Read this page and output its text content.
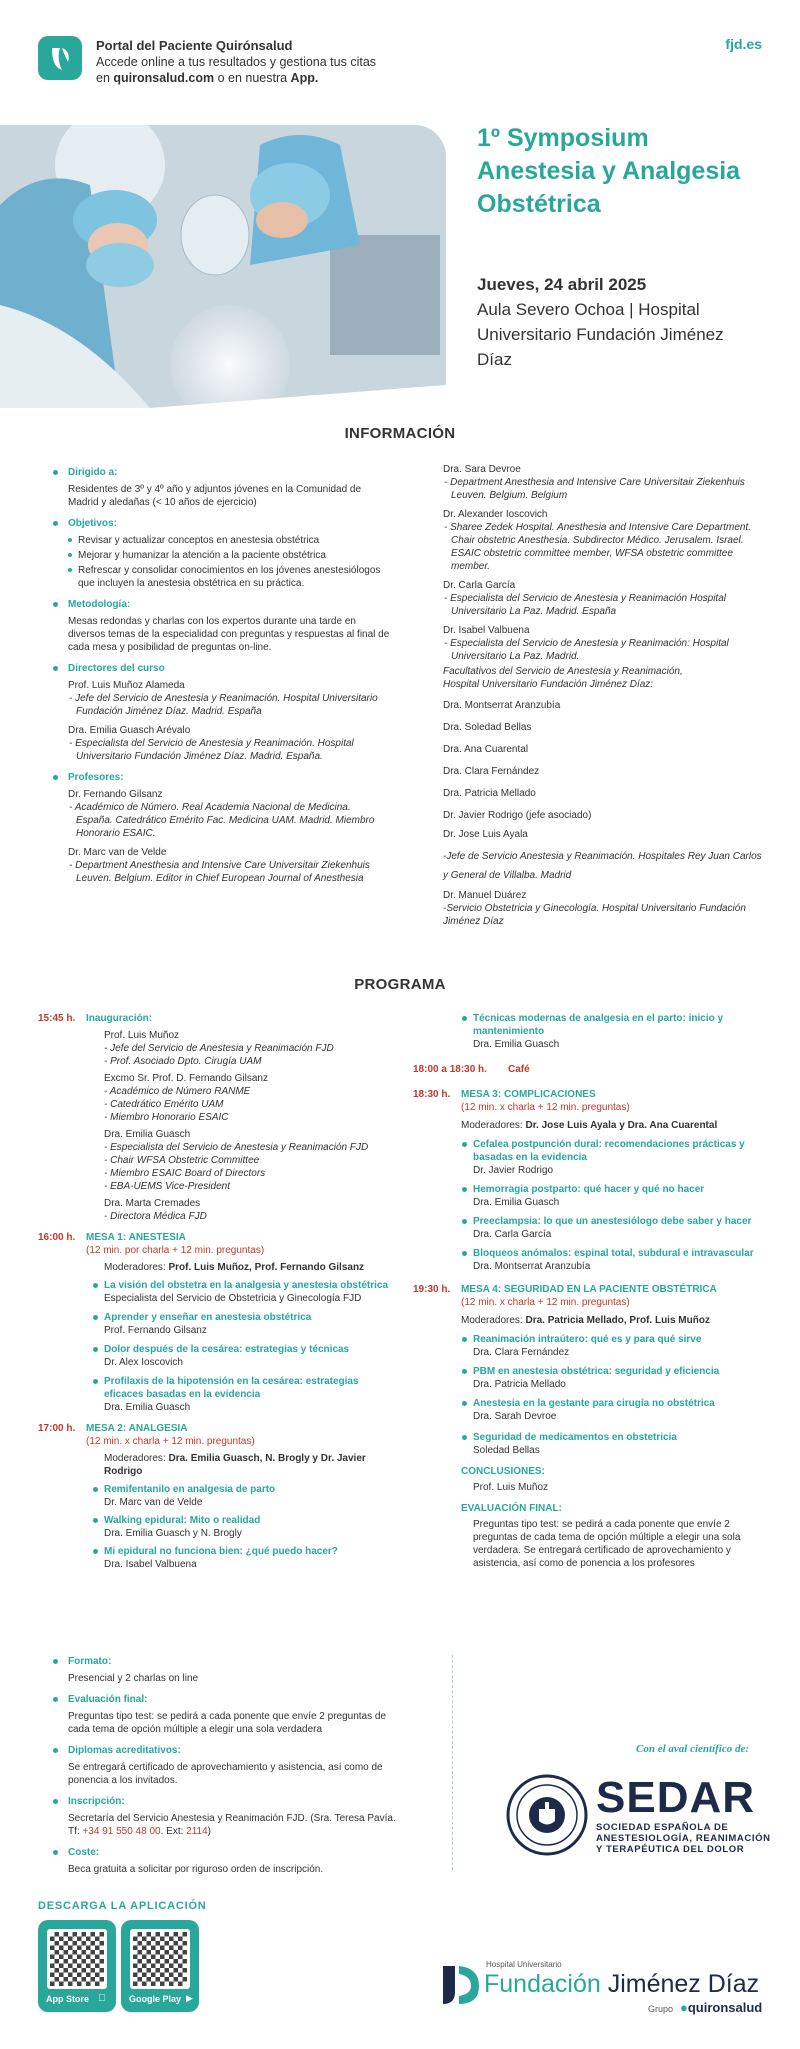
Portal del Paciente Quirónsalud
Accede online a tus resultados y gestiona tus citas
en quironsalud.com o en nuestra App.
fjd.es
1º Symposium
Anestesia y Analgesia
Obstétrica
Jueves, 24 abril 2025
Aula Severo Ochoa | Hospital
Universitario Fundación Jiménez
Díaz
INFORMACIÓN
Dirigido a:

Residentes de 3º y 4º año y adjuntos jóvenes en la Comunidad de Madrid y aledañas (< 10 años de ejercicio)

Objetivos:
Revisar y actualizar conceptos en anestesia obstétrica
Mejorar y humanizar la atención a la paciente obstétrica
Refrescar y consolidar conocimientos en los jóvenes anestesiólogos que incluyen la anestesia obstétrica en su práctica.
Metodología:

Mesas redondas y charlas con los expertos durante una tarde en diversos temas de la especialidad con preguntas y respuestas al final de cada mesa y posibilidad de preguntas on-line.

Directores del curso
Prof. Luis Muñoz Alameda
- Jefe del Servicio de Anestesia y Reanimación. Hospital Universitario Fundación Jiménez Díaz. Madrid. España
Dra. Emilia Guasch Arévalo
- Especialista del Servicio de Anestesia y Reanimación. Hospital Universitario Fundación Jiménez Díaz. Madrid. España.
Profesores:
Dr. Fernando Gilsanz
- Académico de Número. Real Academia Nacional de Medicina. España. Catedrático Emérito Fac. Medicina UAM. Madrid. Miembro Honorario ESAIC.
Dr. Marc van de Velde
- Department Anesthesia and Intensive Care Universitair Ziekenhuis Leuven. Belgium. Editor in Chief European Journal of Anesthesia
Dra. Sara Devroe
- Department Anesthesia and Intensive Care Universitair Ziekenhuis Leuven. Belgium. Belgium
Dr. Alexander Ioscovich
- Sharee Zedek Hospital. Anesthesia and Intensive Care Department. Chair obstetric Anesthesia. Subdirector Médico. Jerusalem. Israel. ESAIC obstetric committee member, WFSA obstetric committee member.
Dr. Carla García
- Especialista del Servicio de Anestesia y Reanimación Hospital Universitario La Paz. Madrid. España
Dr. Isabel Valbuena
- Especialista del Servicio de Anestesia y Reanimación: Hospital Universitario La Paz. Madrid.
Facultativos del Servicio de Anestesia y Reanimación,
Hospital Universitario Fundación Jiménez Díaz:
Dra. Montserrat Aranzubía
Dra. Soledad Bellas
Dra. Ana Cuarental
Dra. Clara Fernández
Dra. Patricia Mellado
Dr. Javier Rodrigo (jefe asociado)
Dr. Jose Luis Ayala
-Jefe de Servicio Anestesia y Reanimación. Hospitales Rey Juan Carlos y General de Villalba. Madrid
Dr. Manuel Duárez
-Servicio Obstetricia y Ginecología. Hospital Universitario Fundación Jiménez Díaz
PROGRAMA
15:45 h. Inauguración:
Prof. Luis Muñoz
- Jefe del Servicio de Anestesia y Reanimación FJD
- Prof. Asociado Dpto. Cirugía UAM
Excmo Sr. Prof. D. Fernando Gilsanz
- Académico de Número RANME
- Catedrático Emérito UAM
- Miembro Honorario ESAIC
Dra. Emilia Guasch
- Especialista del Servicio de Anestesia y Reanimación FJD
- Chair WFSA Obstetric Committee
- Miembro ESAIC Board of Directors
- EBA-UEMS Vice-President
Dra. Marta Cremades
- Directora Médica FJD
16:00 h. MESA 1: ANESTESIA
(12 min. por charla + 12 min. preguntas)
Moderadores: Prof. Luis Muñoz, Prof. Fernando Gilsanz
La visión del obstetra en la analgesia y anestesia obstétrica
Especialista del Servicio de Obstetricia y Ginecología FJD
Aprender y enseñar en anestesia obstétrica
Prof. Fernando Gilsanz
Dolor después de la cesárea: estrategias y técnicas
Dr. Alex Ioscovich
Profilaxis de la hipotensión en la cesárea: estrategias eficaces basadas en la evidencia
Dra. Emilia Guasch
17:00 h. MESA 2: ANALGESIA
(12 min. x charla + 12 min. preguntas)
Moderadores: Dra. Emilia Guasch, N. Brogly y Dr. Javier Rodrigo
Remifentanilo en analgesia de parto
Dr. Marc van de Velde
Walking epidural: Mito o realidad
Dra. Emilia Guasch y N. Brogly
Mi epidural no funciona bien: ¿qué puedo hacer?
Dra. Isabel Valbuena
Técnicas modernas de analgesia en el parto: inicio y mantenimiento
Dra. Emilia Guasch
18:00 a 18:30 h. Café
18:30 h. MESA 3: COMPLICACIONES
(12 min. x charla + 12 min. preguntas)
Moderadores: Dr. Jose Luis Ayala y Dra. Ana Cuarental
Cefalea postpunción dural: recomendaciones prácticas y basadas en la evidencia
Dr. Javier Rodrigo
Hemorragia postparto: qué hacer y qué no hacer
Dra. Emilia Guasch
Preeclampsia: lo que un anestesiólogo debe saber y hacer
Dra. Carla García
Bloqueos anómalos: espinal total, subdural e intravascular
Dra. Montserrat Aranzubía
19:30 h. MESA 4: SEGURIDAD EN LA PACIENTE OBSTÉTRICA
(12 min. x charla + 12 min. preguntas)
Moderadores: Dra. Patricia Mellado, Prof. Luis Muñoz
Reanimación intraútero: qué es y para qué sirve
Dra. Clara Fernández
PBM en anestesia obstétrica: seguridad y eficiencia
Dra. Patricia Mellado
Anestesia en la gestante para cirugía no obstétrica
Dra. Sarah Devroe
Seguridad de medicamentos en obstetricia
Soledad Bellas
CONCLUSIONES:
Prof. Luis Muñoz
EVALUACIÓN FINAL:
Preguntas tipo test: se pedirá a cada ponente que envíe 2 preguntas de cada tema de opción múltiple a elegir una sola verdadera. Se entregará certificado de aprovechamiento y asistencia, así como de ponencia a los profesores
Formato:
Presencial y 2 charlas on line
Evaluación final:
Preguntas tipo test: se pedirá a cada ponente que envíe 2 preguntas de cada tema de opción múltiple a elegir una sola verdadera
Diplomas acreditativos:
Se entregará certificado de aprovechamiento y asistencia, así como de ponencia a los invitados.
Inscripción:
Secretaría del Servicio Anestesia y Reanimación FJD. (Sra. Teresa Pavía. Tf: +34 91 550 48 00. Ext: 2114)
Coste:
Beca gratuita a solicitar por riguroso orden de inscripción.
Con el aval científico de:
SEDAR
SOCIEDAD ESPAÑOLA DE
ANESTESIOLOGÍA, REANIMACIÓN
Y TERAPÉUTICA DEL DOLOR
DESCARGA LA APLICACIÓN
App Store	Google Play ▶
Hospital Universitario
Fundación Jiménez Díaz
Grupo ●quironsalud
